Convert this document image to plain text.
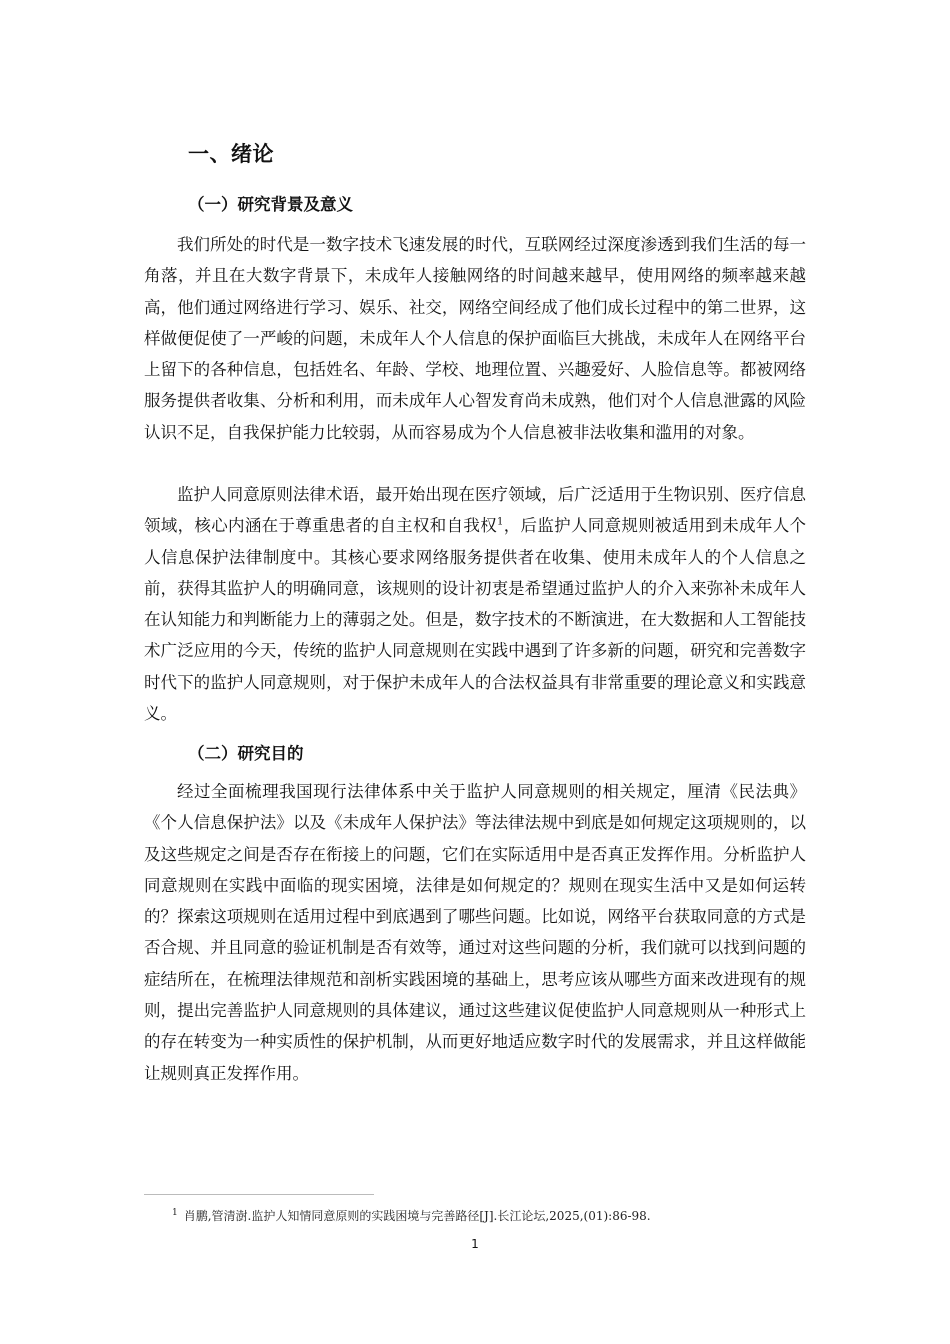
一、绪论
（一）研究背景及意义

我们所处的时代是一数字技术飞速发展的时代，互联网经过深度渗透到我们生活的每一角落，并且在大数字背景下，未成年人接触网络的时间越来越早，使用网络的频率越来越高，他们通过网络进行学习、娱乐、社交，网络空间经成了他们成长过程中的第二世界，这样做便促使了一严峻的问题，未成年人个人信息的保护面临巨大挑战，未成年人在网络平台上留下的各种信息，包括姓名、年龄、学校、地理位置、兴趣爱好、人脸信息等。都被网络服务提供者收集、分析和利用，而未成年人心智发育尚未成熟，他们对个人信息泄露的风险认识不足，自我保护能力比较弱，从而容易成为个人信息被非法收集和滥用的对象。

监护人同意原则法律术语，最开始出现在医疗领域，后广泛适用于生物识别、医疗信息领域，核心内涵在于尊重患者的自主权和自我权$^1$，后监护人同意规则被适用到未成年人个人信息保护法律制度中。其核心要求网络服务提供者在收集、使用未成年人的个人信息之前，获得其监护人的明确同意，该规则的设计初衷是希望通过监护人的介入来弥补未成年人在认知能力和判断能力上的薄弱之处。但是，数字技术的不断演进，在大数据和人工智能技术广泛应用的今天，传统的监护人同意规则在实践中遇到了许多新的问题，研究和完善数字时代下的监护人同意规则，对于保护未成年人的合法权益具有非常重要的理论意义和实践意义。

（二）研究目的

经过全面梳理我国现行法律体系中关于监护人同意规则的相关规定，厘清《民法典》《个人信息保护法》以及《未成年人保护法》等法律法规中到底是如何规定这项规则的，以及这些规定之间是否存在衔接上的问题，它们在实际适用中是否真正发挥作用。分析监护人同意规则在实践中面临的现实困境，法律是如何规定的？规则在现实生活中又是如何运转的？探索这项规则在适用过程中到底遇到了哪些问题。比如说，网络平台获取同意的方式是否合规、并且同意的验证机制是否有效等，通过对这些问题的分析，我们就可以找到问题的症结所在，在梳理法律规范和剖析实践困境的基础上，思考应该从哪些方面来改进现有的规则，提出完善监护人同意规则的具体建议，通过这些建议促使监护人同意规则从一种形式上的存在转变为一种实质性的保护机制，从而更好地适应数字时代的发展需求，并且这样做能让规则真正发挥作用。

$^1$ 肖鹏,管清澍.监护人知情同意原则的实践困境与完善路径[J].长江论坛,2025,(01):86-98.
1
